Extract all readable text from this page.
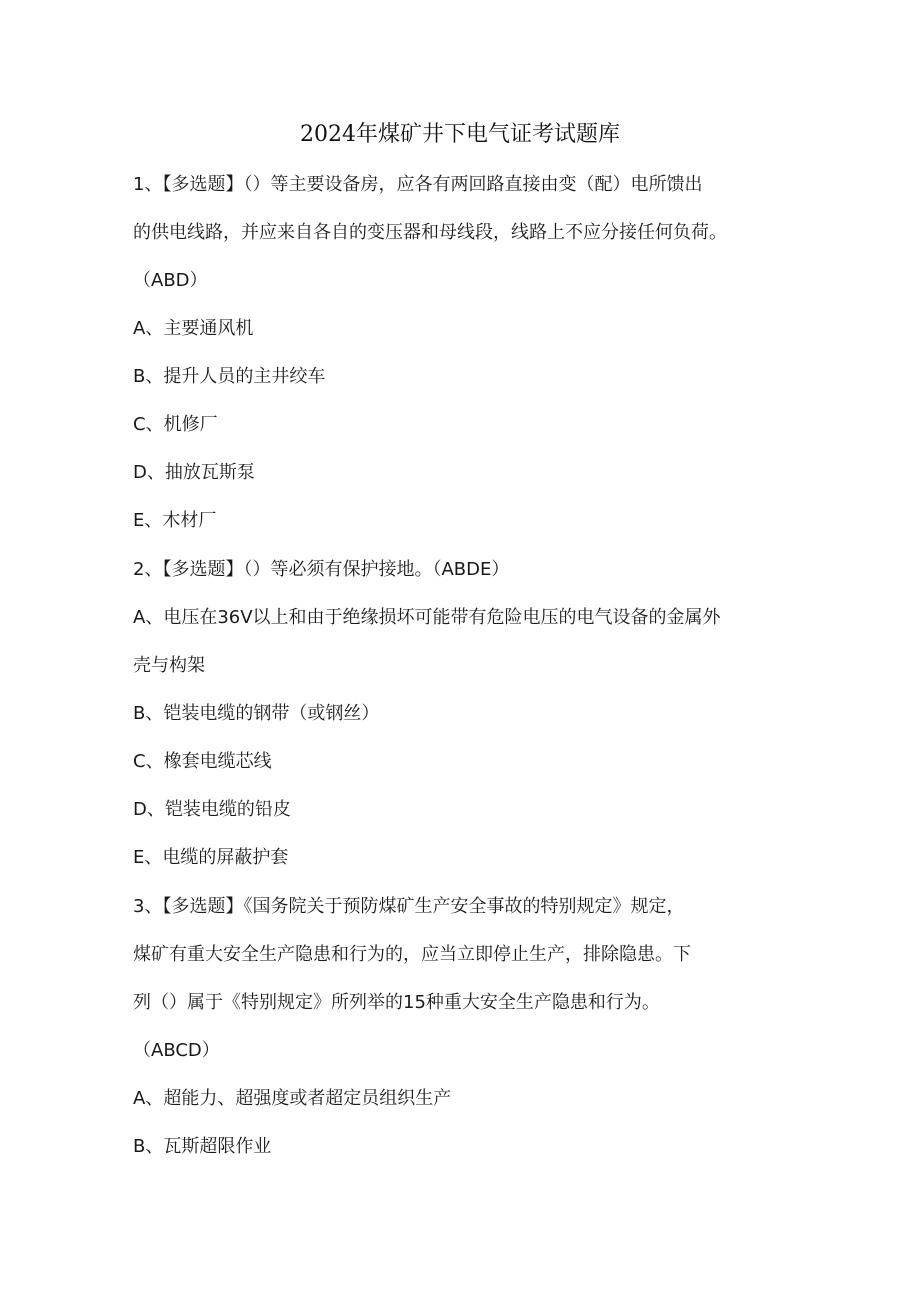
2024年煤矿井下电气证考试题库
1、【多选题】（）等主要设备房，应各有两回路直接由变（配）电所馈出
的供电线路，并应来自各自的变压器和母线段，线路上不应分接任何负荷。
（ABD）
A、主要通风机
B、提升人员的主井绞车
C、机修厂
D、抽放瓦斯泵
E、木材厂
2、【多选题】（）等必须有保护接地。（ABDE）
A、电压在36V以上和由于绝缘损坏可能带有危险电压的电气设备的金属外
壳与构架
B、铠装电缆的钢带（或钢丝）
C、橡套电缆芯线
D、铠装电缆的铅皮
E、电缆的屏蔽护套
3、【多选题】《国务院关于预防煤矿生产安全事故的特别规定》规定，
煤矿有重大安全生产隐患和行为的，应当立即停止生产，排除隐患。下
列（）属于《特别规定》所列举的15种重大安全生产隐患和行为。
（ABCD）
A、超能力、超强度或者超定员组织生产
B、瓦斯超限作业
